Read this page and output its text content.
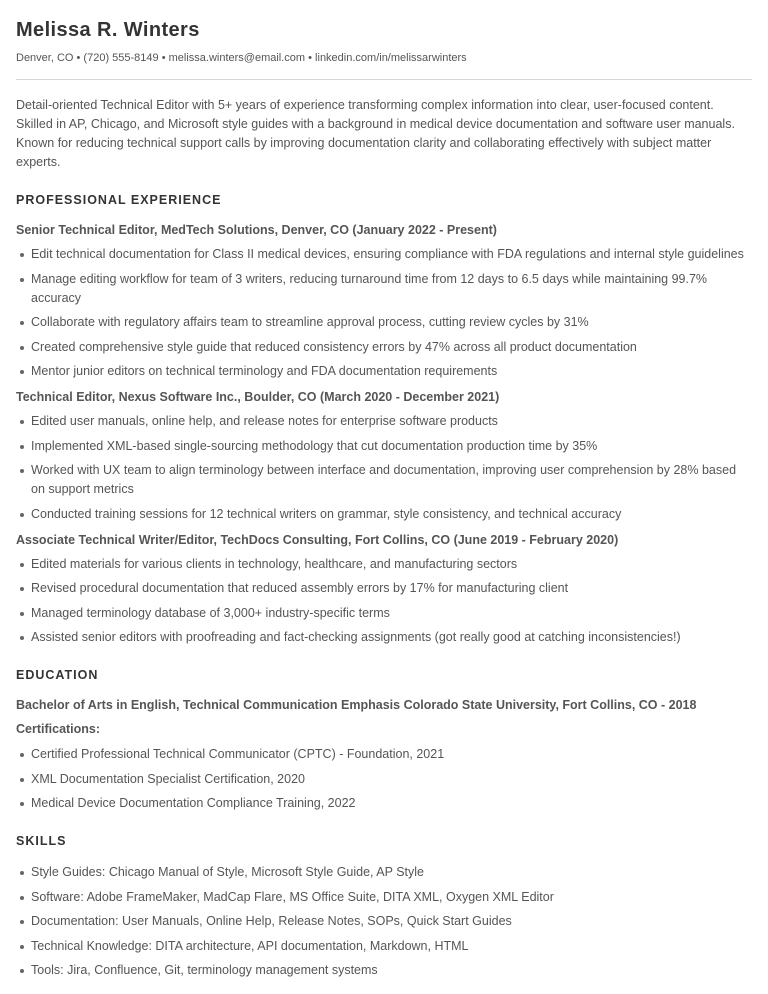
Melissa R. Winters
Denver, CO • (720) 555-8149 • melissa.winters@email.com • linkedin.com/in/melissarwinters

Detail-oriented Technical Editor with 5+ years of experience transforming complex information into clear, user-focused content. Skilled in AP, Chicago, and Microsoft style guides with a background in medical device documentation and software user manuals. Known for reducing technical support calls by improving documentation clarity and collaborating effectively with subject matter experts.

PROFESSIONAL EXPERIENCE
Senior Technical Editor, MedTech Solutions, Denver, CO (January 2022 - Present)
Edit technical documentation for Class II medical devices, ensuring compliance with FDA regulations and internal style guidelines
Manage editing workflow for team of 3 writers, reducing turnaround time from 12 days to 6.5 days while maintaining 99.7% accuracy
Collaborate with regulatory affairs team to streamline approval process, cutting review cycles by 31%
Created comprehensive style guide that reduced consistency errors by 47% across all product documentation
Mentor junior editors on technical terminology and FDA documentation requirements
Technical Editor, Nexus Software Inc., Boulder, CO (March 2020 - December 2021)
Edited user manuals, online help, and release notes for enterprise software products
Implemented XML-based single-sourcing methodology that cut documentation production time by 35%
Worked with UX team to align terminology between interface and documentation, improving user comprehension by 28% based on support metrics
Conducted training sessions for 12 technical writers on grammar, style consistency, and technical accuracy
Associate Technical Writer/Editor, TechDocs Consulting, Fort Collins, CO (June 2019 - February 2020)
Edited materials for various clients in technology, healthcare, and manufacturing sectors
Revised procedural documentation that reduced assembly errors by 17% for manufacturing client
Managed terminology database of 3,000+ industry-specific terms
Assisted senior editors with proofreading and fact-checking assignments (got really good at catching inconsistencies!)
EDUCATION
Bachelor of Arts in English, Technical Communication Emphasis Colorado State University, Fort Collins, CO - 2018
Certifications:
Certified Professional Technical Communicator (CPTC) - Foundation, 2021
XML Documentation Specialist Certification, 2020
Medical Device Documentation Compliance Training, 2022
SKILLS
Style Guides: Chicago Manual of Style, Microsoft Style Guide, AP Style
Software: Adobe FrameMaker, MadCap Flare, MS Office Suite, DITA XML, Oxygen XML Editor
Documentation: User Manuals, Online Help, Release Notes, SOPs, Quick Start Guides
Technical Knowledge: DITA architecture, API documentation, Markdown, HTML
Tools: Jira, Confluence, Git, terminology management systems
